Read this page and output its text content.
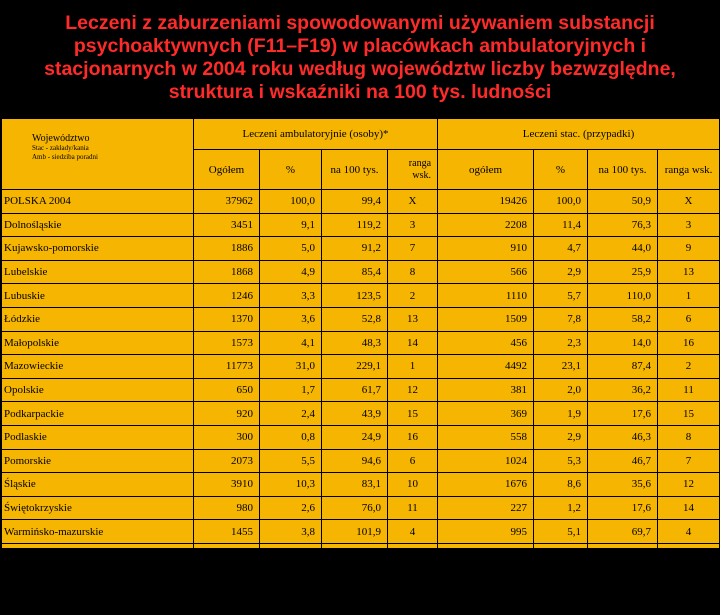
Leczeni z zaburzeniami spowodowanymi używaniem substancji
psychoaktywnych (F11–F19) w placówkach ambulatoryjnych i
stacjonarnych w 2004 roku według województw liczby bezwzględne,
struktura i wskaźniki na 100 tys. ludności
Województwo
Stac - zakłady/kania
Amb - siedziba poradni	Leczeni ambulatoryjnie (osoby)*				Leczeni stac. (przypadki)			
	Ogółem	%	na 100 tys.	ranga wsk.	ogółem	%	na 100 tys.	ranga wsk.
POLSKA 2004	37962	100,0	99,4	X	19426	100,0	50,9	X
Dolnośląskie	3451	9,1	119,2	3	2208	11,4	76,3	3
Kujawsko-pomorskie	1886	5,0	91,2	7	910	4,7	44,0	9
Lubelskie	1868	4,9	85,4	8	566	2,9	25,9	13
Lubuskie	1246	3,3	123,5	2	1110	5,7	110,0	1
Łódzkie	1370	3,6	52,8	13	1509	7,8	58,2	6
Małopolskie	1573	4,1	48,3	14	456	2,3	14,0	16
Mazowieckie	11773	31,0	229,1	1	4492	23,1	87,4	2
Opolskie	650	1,7	61,7	12	381	2,0	36,2	11
Podkarpackie	920	2,4	43,9	15	369	1,9	17,6	15
Podlaskie	300	0,8	24,9	16	558	2,9	46,3	8
Pomorskie	2073	5,5	94,6	6	1024	5,3	46,7	7
Śląskie	3910	10,3	83,1	10	1676	8,6	35,6	12
Świętokrzyskie	980	2,6	76,0	11	227	1,2	17,6	14
Warmińsko-mazurskie	1455	3,8	101,9	4	995	5,1	69,7	4
Wielkopolskie	2827	7,4	84,1	9	1246	6,4	37,1	10
Zachodniopomorskie	1680	4,4	99,1	5	1049	5,4	61,9	5
B.danych i zagranica	X	x	x	X	650	3,3	x	x
